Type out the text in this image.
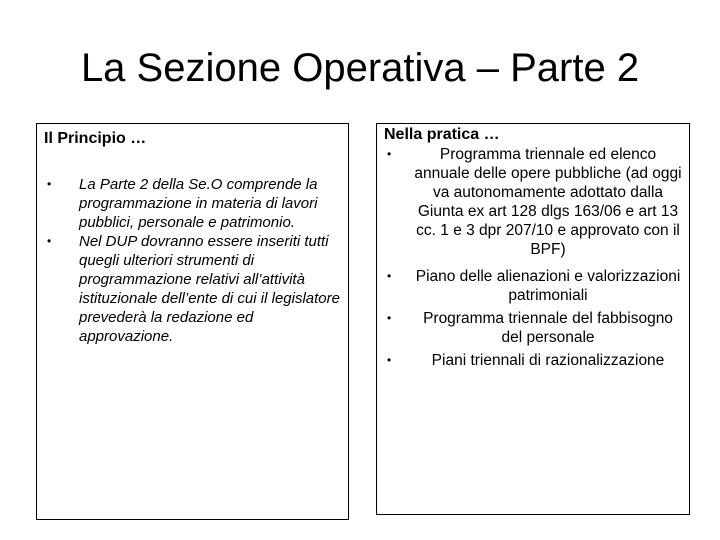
La Sezione Operativa – Parte 2
Il Principio …
• La Parte 2 della Se.O comprende la programmazione in materia di lavori pubblici, personale e patrimonio.
• Nel DUP dovranno essere inseriti tutti quegli ulteriori strumenti di programmazione relativi all’attività istituzionale dell’ente di cui il legislatore prevederà la redazione ed approvazione.
Nella pratica …
•	Programma triennale ed elenco annuale delle opere pubbliche (ad oggi va autonomamente adottato dalla Giunta ex art 128 dlgs 163/06 e art 13 cc. 1 e 3 dpr 207/10 e approvato con il BPF)
• Piano delle alienazioni e valorizzazioni patrimoniali
• Programma triennale del fabbisogno del personale
•	Piani triennali di razionalizzazione
